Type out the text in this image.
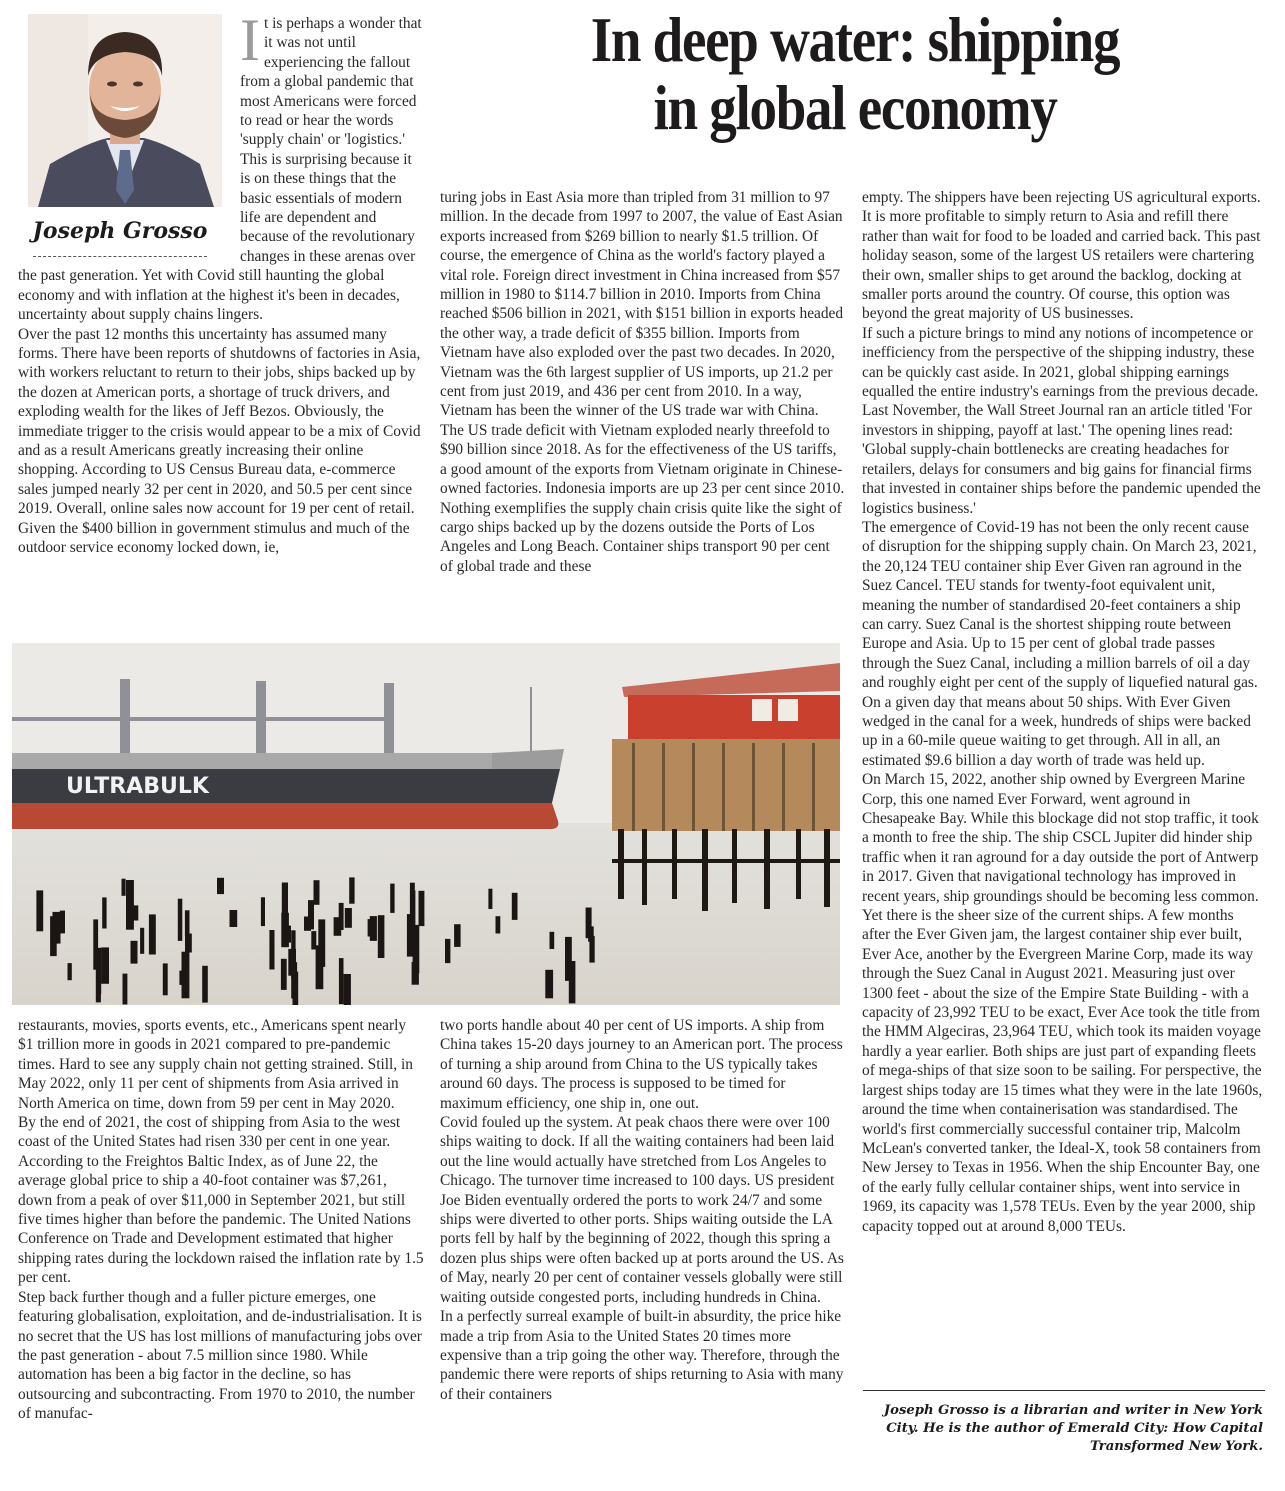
In deep water: shipping
in global economy
Joseph Grosso

It is perhaps a wonder that it was not until experiencing the fallout from a global pandemic that most Americans were forced to read or hear the words 'supply chain' or 'logistics.' This is surprising because it is on these things that the basic essentials of modern life are dependent and because of the revolutionary changes in these arenas over the past generation. Yet with Covid still haunting the global economy and with inflation at the highest it's been in decades, uncertainty about supply chains lingers.

Over the past 12 months this uncertainty has assumed many forms. There have been reports of shutdowns of factories in Asia, with workers reluctant to return to their jobs, ships backed up by the dozen at American ports, a shortage of truck drivers, and exploding wealth for the likes of Jeff Bezos. Obviously, the immediate trigger to the crisis would appear to be a mix of Covid and as a result Americans greatly increasing their online shopping. According to US Census Bureau data, e-commerce sales jumped nearly 32 per cent in 2020, and 50.5 per cent since 2019. Overall, online sales now account for 19 per cent of retail.

Given the $400 billion in government stimulus and much of the outdoor service economy locked down, ie,

turing jobs in East Asia more than tripled from 31 million to 97 million. In the decade from 1997 to 2007, the value of East Asian exports increased from $269 billion to nearly $1.5 trillion. Of course, the emergence of China as the world's factory played a vital role. Foreign direct investment in China increased from $57 million in 1980 to $114.7 billion in 2010. Imports from China reached $506 billion in 2021, with $151 billion in exports headed the other way, a trade deficit of $355 billion. Imports from Vietnam have also exploded over the past two decades. In 2020, Vietnam was the 6th largest supplier of US imports, up 21.2 per cent from just 2019, and 436 per cent from 2010. In a way, Vietnam has been the winner of the US trade war with China. The US trade deficit with Vietnam exploded nearly threefold to $90 billion since 2018. As for the effectiveness of the US tariffs, a good amount of the exports from Vietnam originate in Chinese-owned factories. Indonesia imports are up 23 per cent since 2010.

Nothing exemplifies the supply chain crisis quite like the sight of cargo ships backed up by the dozens outside the Ports of Los Angeles and Long Beach. Container ships transport 90 per cent of global trade and these

empty. The shippers have been rejecting US agricultural exports. It is more profitable to simply return to Asia and refill there rather than wait for food to be loaded and carried back. This past holiday season, some of the largest US retailers were chartering their own, smaller ships to get around the backlog, docking at smaller ports around the country. Of course, this option was beyond the great majority of US businesses.

If such a picture brings to mind any notions of incompetence or inefficiency from the perspective of the shipping industry, these can be quickly cast aside. In 2021, global shipping earnings equalled the entire industry's earnings from the previous decade. Last November, the Wall Street Journal ran an article titled 'For investors in shipping, payoff at last.' The opening lines read: 'Global supply-chain bottlenecks are creating headaches for retailers, delays for consumers and big gains for financial firms that invested in container ships before the pandemic upended the logistics business.'

The emergence of Covid-19 has not been the only recent cause of disruption for the shipping supply chain. On March 23, 2021, the 20,124 TEU container ship Ever Given ran aground in the Suez Cancel. TEU stands for twenty-foot equivalent unit, meaning the number of standardised 20-feet containers a ship can carry. Suez Canal is the shortest shipping route between Europe and Asia. Up to 15 per cent of global trade passes through the Suez Canal, including a million barrels of oil a day and roughly eight per cent of the supply of liquefied natural gas. On a given day that means about 50 ships. With Ever Given wedged in the canal for a week, hundreds of ships were backed up in a 60-mile queue waiting to get through. All in all, an estimated $9.6 billion a day worth of trade was held up.

On March 15, 2022, another ship owned by Evergreen Marine Corp, this one named Ever Forward, went aground in Chesapeake Bay. While this blockage did not stop traffic, it took a month to free the ship. The ship CSCL Jupiter did hinder ship traffic when it ran aground for a day outside the port of Antwerp in 2017. Given that navigational technology has improved in recent years, ship groundings should be becoming less common. Yet there is the sheer size of the current ships. A few months after the Ever Given jam, the largest container ship ever built, Ever Ace, another by the Evergreen Marine Corp, made its way through the Suez Canal in August 2021. Measuring just over 1300 feet - about the size of the Empire State Building - with a capacity of 23,992 TEU to be exact, Ever Ace took the title from the HMM Algeciras, 23,964 TEU, which took its maiden voyage hardly a year earlier. Both ships are just part of expanding fleets of mega-ships of that size soon to be sailing. For perspective, the largest ships today are 15 times what they were in the late 1960s, around the time when containerisation was standardised. The world's first commercially successful container trip, Malcolm McLean's converted tanker, the Ideal-X, took 58 containers from New Jersey to Texas in 1956. When the ship Encounter Bay, one of the early fully cellular container ships, went into service in 1969, its capacity was 1,578 TEUs. Even by the year 2000, ship capacity topped out at around 8,000 TEUs.

ULTRABULK

restaurants, movies, sports events, etc., Americans spent nearly $1 trillion more in goods in 2021 compared to pre-pandemic times. Hard to see any supply chain not getting strained. Still, in May 2022, only 11 per cent of shipments from Asia arrived in North America on time, down from 59 per cent in May 2020.

By the end of 2021, the cost of shipping from Asia to the west coast of the United States had risen 330 per cent in one year. According to the Freightos Baltic Index, as of June 22, the average global price to ship a 40-foot container was $7,261, down from a peak of over $11,000 in September 2021, but still five times higher than before the pandemic. The United Nations Conference on Trade and Development estimated that higher shipping rates during the lockdown raised the inflation rate by 1.5 per cent.

Step back further though and a fuller picture emerges, one featuring globalisation, exploitation, and de-industrialisation. It is no secret that the US has lost millions of manufacturing jobs over the past generation - about 7.5 million since 1980. While automation has been a big factor in the decline, so has outsourcing and subcontracting. From 1970 to 2010, the number of manufac-

two ports handle about 40 per cent of US imports. A ship from China takes 15-20 days journey to an American port. The process of turning a ship around from China to the US typically takes around 60 days. The process is supposed to be timed for maximum efficiency, one ship in, one out.

Covid fouled up the system. At peak chaos there were over 100 ships waiting to dock. If all the waiting containers had been laid out the line would actually have stretched from Los Angeles to Chicago. The turnover time increased to 100 days. US president Joe Biden eventually ordered the ports to work 24/7 and some ships were diverted to other ports. Ships waiting outside the LA ports fell by half by the beginning of 2022, though this spring a dozen plus ships were often backed up at ports around the US. As of May, nearly 20 per cent of container vessels globally were still waiting outside congested ports, including hundreds in China.

In a perfectly surreal example of built-in absurdity, the price hike made a trip from Asia to the United States 20 times more expensive than a trip going the other way. Therefore, through the pandemic there were reports of ships returning to Asia with many of their containers

Joseph Grosso is a librarian and writer in New York City. He is the author of Emerald City: How Capital Transformed New York.
